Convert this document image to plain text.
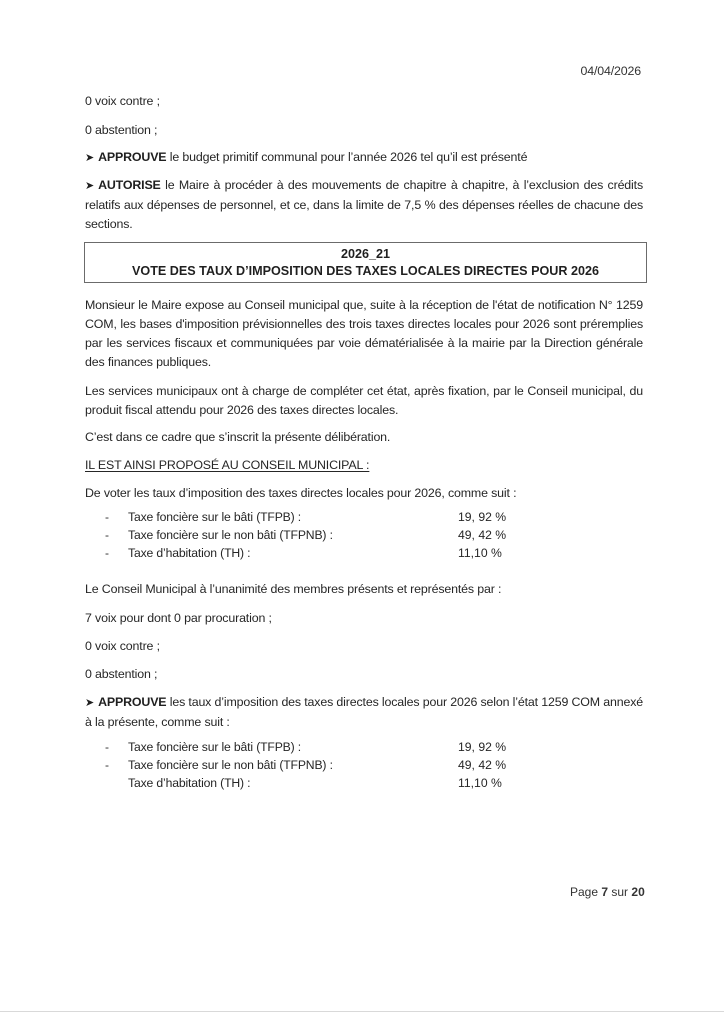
04/04/2026
0 voix contre ;
0 abstention ;
➤ APPROUVE le budget primitif communal pour l’année 2026 tel qu’il est présenté
➤ AUTORISE le Maire à procéder à des mouvements de chapitre à chapitre, à l’exclusion des crédits relatifs aux dépenses de personnel, et ce, dans la limite de 7,5 % des dépenses réelles de chacune des sections.
2026_21
VOTE DES TAUX D’IMPOSITION DES TAXES LOCALES DIRECTES POUR 2026
Monsieur le Maire expose au Conseil municipal que, suite à la réception de l'état de notification N° 1259 COM, les bases d'imposition prévisionnelles des trois taxes directes locales pour 2026 sont préremplies par les services fiscaux et communiquées par voie dématérialisée à la mairie par la Direction générale des finances publiques.
Les services municipaux ont à charge de compléter cet état, après fixation, par le Conseil municipal, du produit fiscal attendu pour 2026 des taxes directes locales.
C’est dans ce cadre que s’inscrit la présente délibération.
IL EST AINSI PROPOSÉ AU CONSEIL MUNICIPAL :
De voter les taux d’imposition des taxes directes locales pour 2026, comme suit :
- Taxe foncière sur le bâti (TFPB) :	19, 92 %
- Taxe foncière sur le non bâti (TFPNB) :	49, 42 %
- Taxe d’habitation (TH) :	11,10 %
Le Conseil Municipal à l’unanimité des membres présents et représentés par :
7 voix pour dont 0 par procuration ;
0 voix contre ;
0 abstention ;
➤ APPROUVE les taux d’imposition des taxes directes locales pour 2026 selon l’état 1259 COM annexé à la présente, comme suit :
- Taxe foncière sur le bâti (TFPB) :	19, 92 %
- Taxe foncière sur le non bâti (TFPNB) :	49, 42 %
Taxe d’habitation (TH) :	11,10 %
Page 7 sur 20
